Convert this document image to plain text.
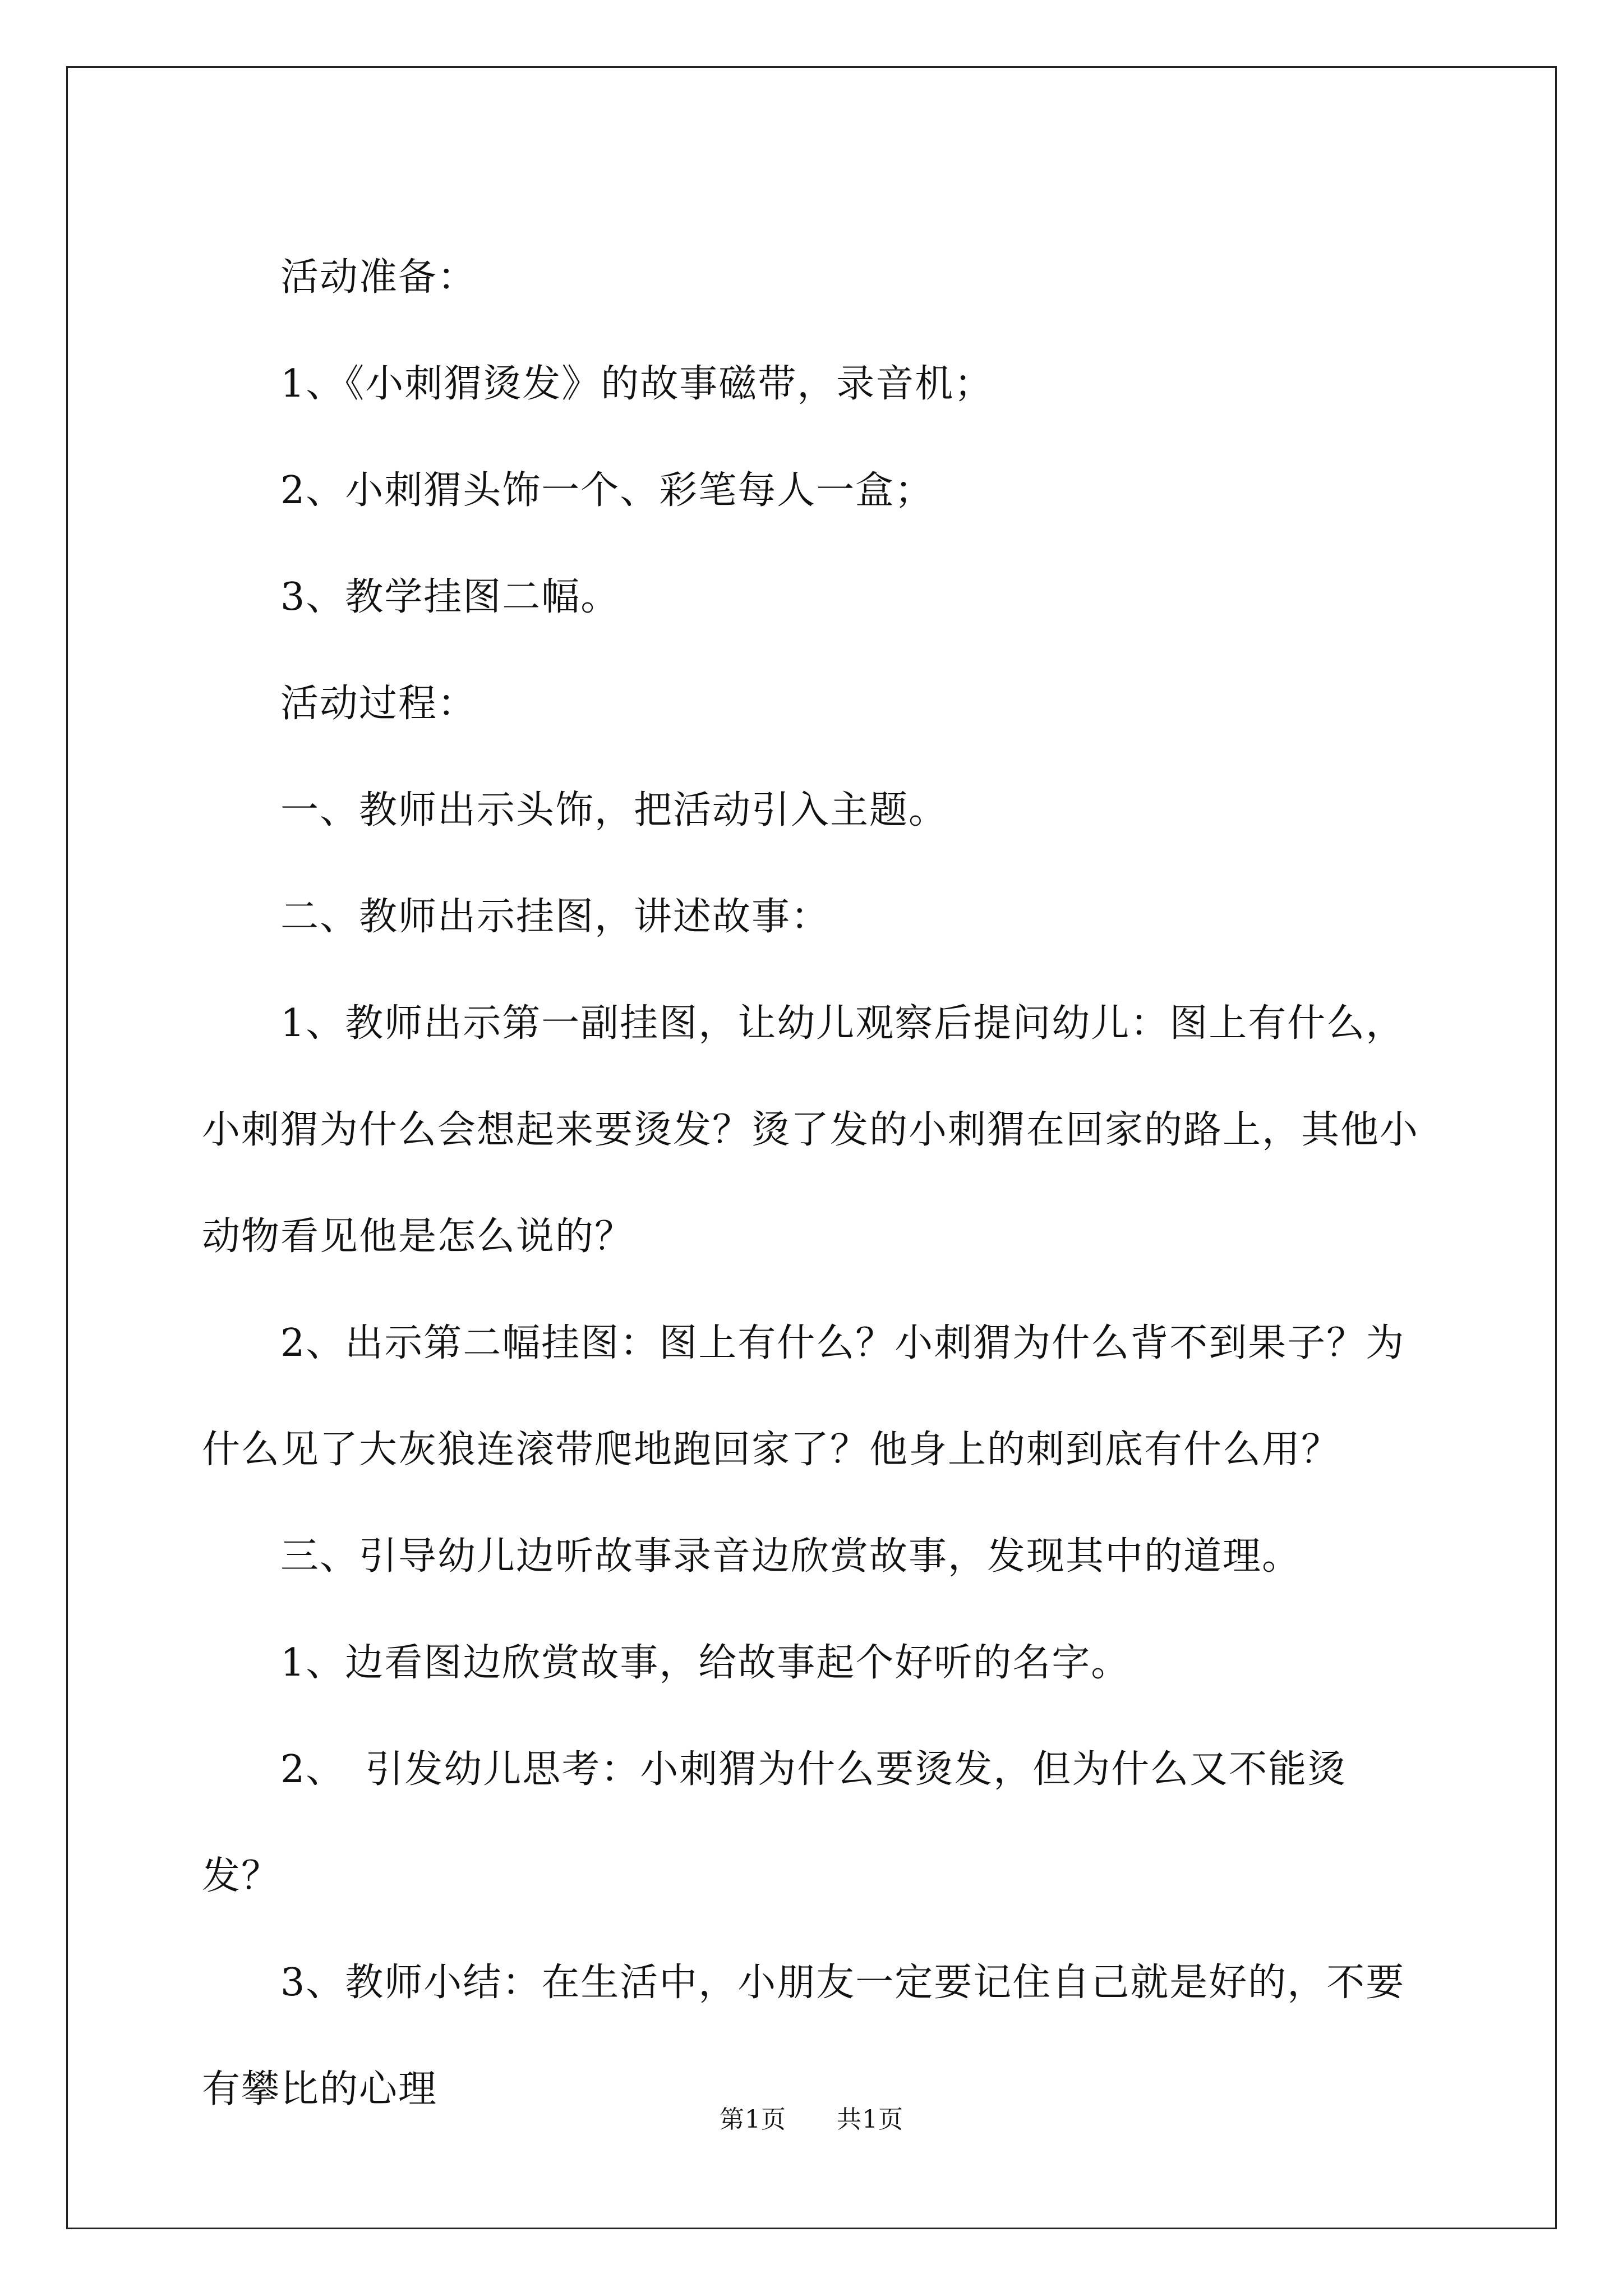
活动准备：

1、《小刺猬烫发》的故事磁带，录音机；

2、小刺猬头饰一个、彩笔每人一盒；

3、教学挂图二幅。

活动过程：

一、教师出示头饰，把活动引入主题。

二、教师出示挂图，讲述故事：

1、教师出示第一副挂图，让幼儿观察后提问幼儿：图上有什么，小刺猬为什么会想起来要烫发？烫了发的小刺猬在回家的路上，其他小动物看见他是怎么说的？

2、出示第二幅挂图：图上有什么？小刺猬为什么背不到果子？为什么见了大灰狼连滚带爬地跑回家了？他身上的刺到底有什么用？

三、引导幼儿边听故事录音边欣赏故事，发现其中的道理。

1、边看图边欣赏故事，给故事起个好听的名字。

2、　引发幼儿思考：小刺猬为什么要烫发，但为什么又不能烫发？

3、教师小结：在生活中，小朋友一定要记住自己就是好的，不要有攀比的心理

第1页 共1页
